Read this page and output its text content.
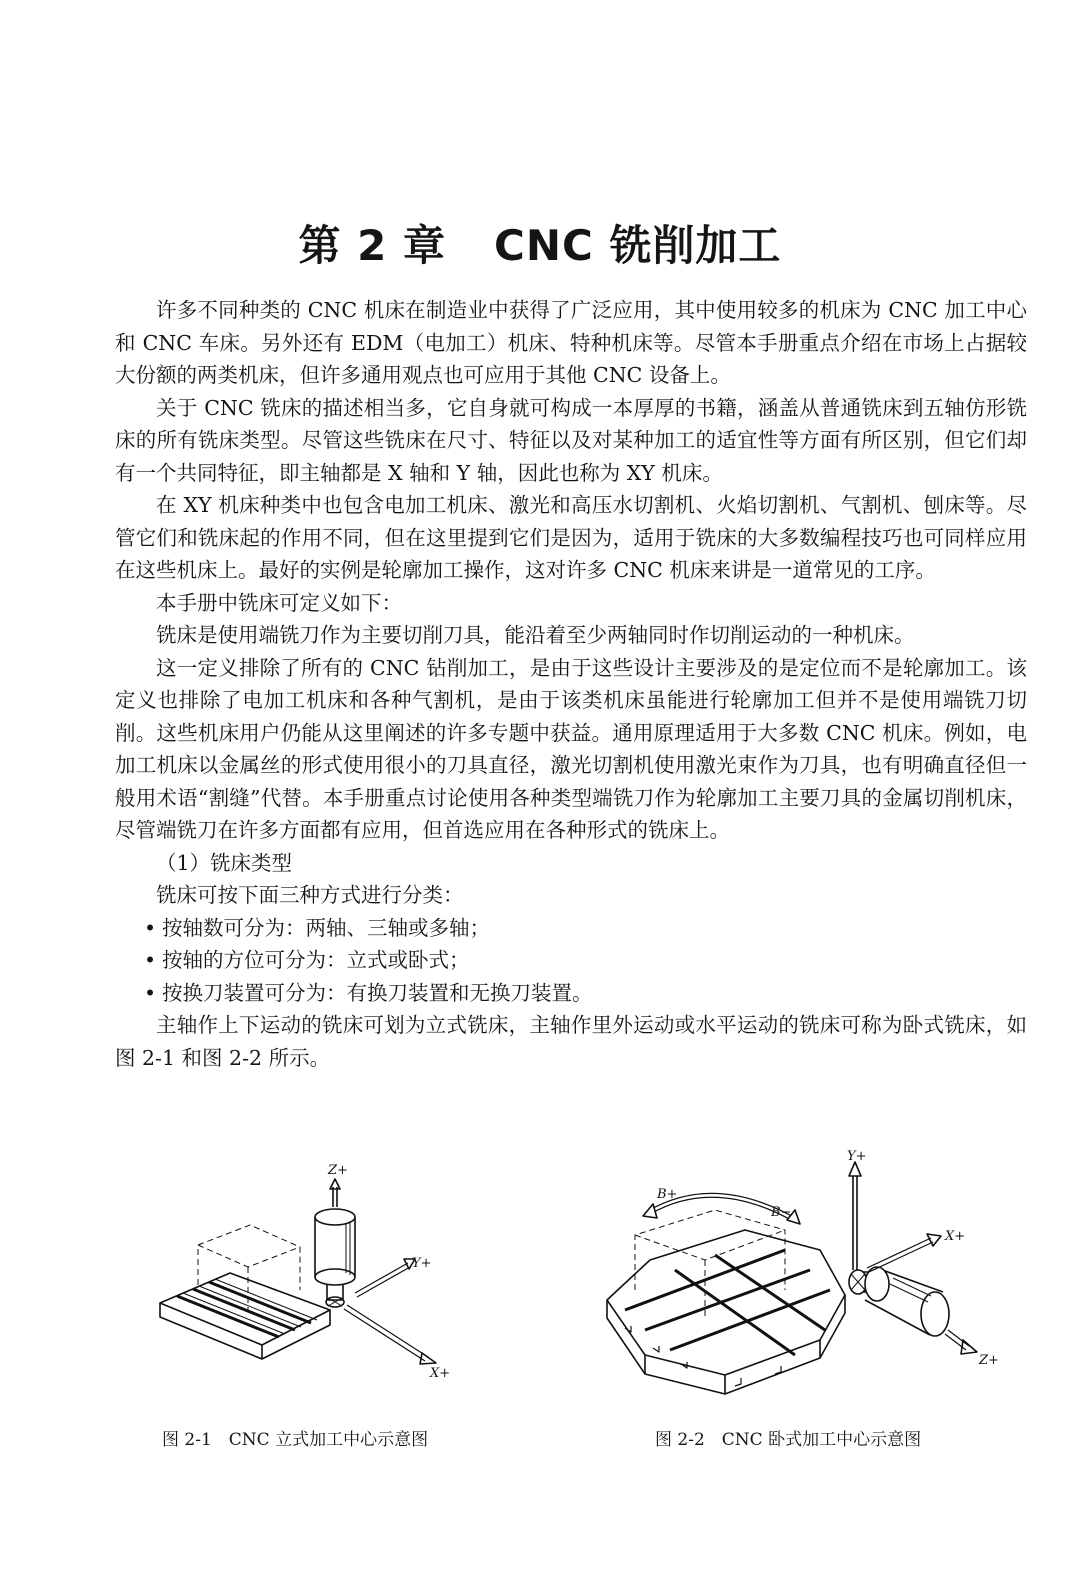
第 2 章 CNC 铣削加工

许多不同种类的 CNC 机床在制造业中获得了广泛应用，其中使用较多的机床为 CNC 加工中心和 CNC 车床。另外还有 EDM（电加工）机床、特种机床等。尽管本手册重点介绍在市场上占据较大份额的两类机床，但许多通用观点也可应用于其他 CNC 设备上。

关于 CNC 铣床的描述相当多，它自身就可构成一本厚厚的书籍，涵盖从普通铣床到五轴仿形铣床的所有铣床类型。尽管这些铣床在尺寸、特征以及对某种加工的适宜性等方面有所区别，但它们却有一个共同特征，即主轴都是 X 轴和 Y 轴，因此也称为 XY 机床。

在 XY 机床种类中也包含电加工机床、激光和高压水切割机、火焰切割机、气割机、刨床等。尽管它们和铣床起的作用不同，但在这里提到它们是因为，适用于铣床的大多数编程技巧也可同样应用在这些机床上。最好的实例是轮廓加工操作，这对许多 CNC 机床来讲是一道常见的工序。

本手册中铣床可定义如下：

铣床是使用端铣刀作为主要切削刀具，能沿着至少两轴同时作切削运动的一种机床。

这一定义排除了所有的 CNC 钻削加工，是由于这些设计主要涉及的是定位而不是轮廓加工。该定义也排除了电加工机床和各种气割机，是由于该类机床虽能进行轮廓加工但并不是使用端铣刀切削。这些机床用户仍能从这里阐述的许多专题中获益。通用原理适用于大多数 CNC 机床。例如，电加工机床以金属丝的形式使用很小的刀具直径，激光切割机使用激光束作为刀具，也有明确直径但一般用术语“割缝”代替。本手册重点讨论使用各种类型端铣刀作为轮廓加工主要刀具的金属切削机床，尽管端铣刀在许多方面都有应用，但首选应用在各种形式的铣床上。

（1）铣床类型

铣床可按下面三种方式进行分类：

• 按轴数可分为：两轴、三轴或多轴；

• 按轴的方位可分为：立式或卧式；

• 按换刀装置可分为：有换刀装置和无换刀装置。

主轴作上下运动的铣床可划为立式铣床，主轴作里外运动或水平运动的铣床可称为卧式铣床，如图 2-1 和图 2-2 所示。

Z+
Y+
X+
Y+
X+
Z+
B+
B−
图 2-1　CNC 立式加工中心示意图	图 2-2　CNC 卧式加工中心示意图
